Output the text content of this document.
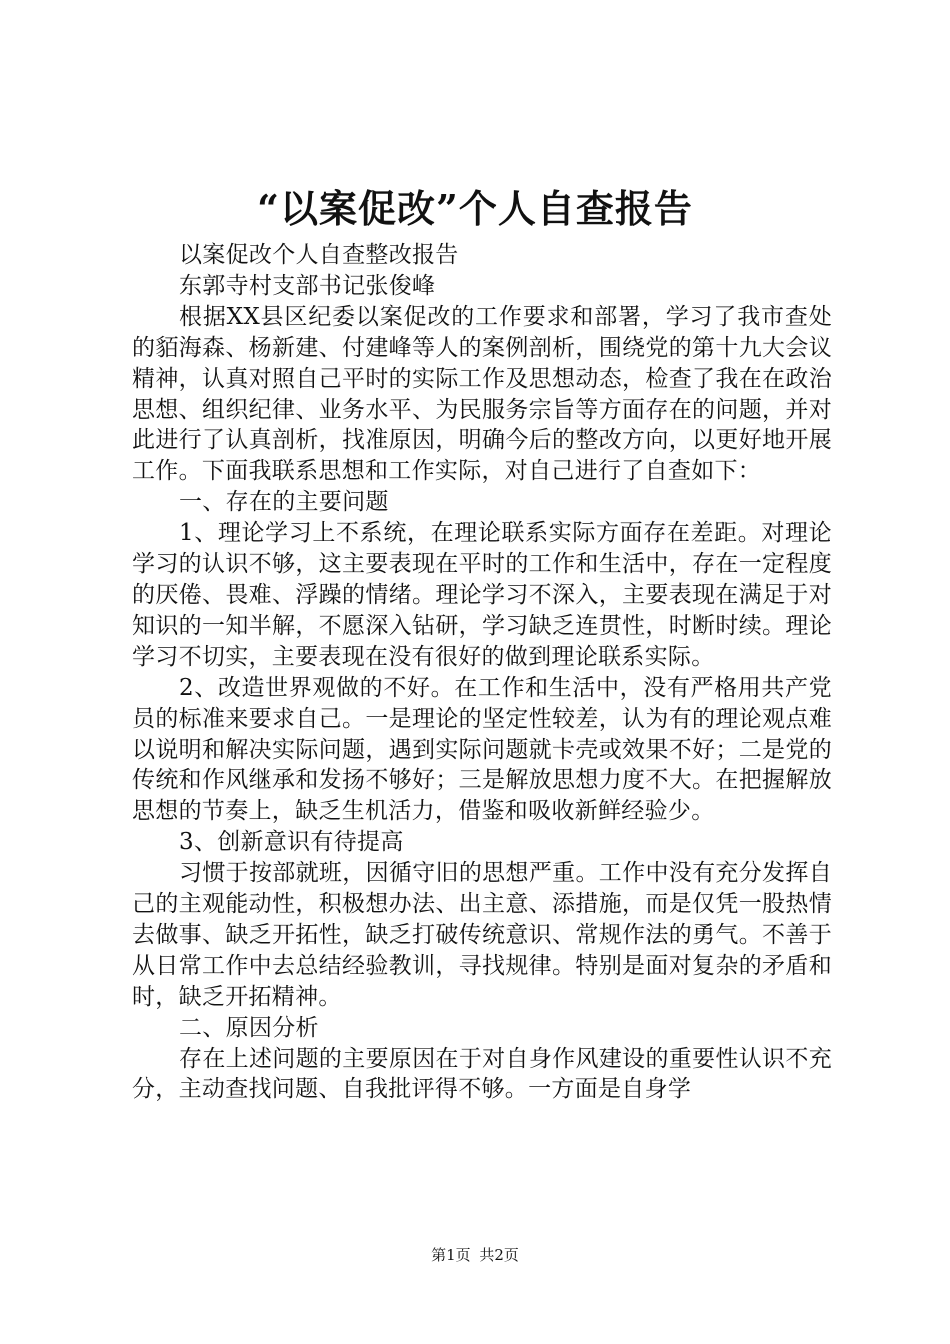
“以案促改”个人自查报告

以案促改个人自查整改报告

东郭寺村支部书记张俊峰

根据XX县区纪委以案促改的工作要求和部署，学习了我市查处的貊海森、杨新建、付建峰等人的案例剖析，围绕党的第十九大会议精神，认真对照自己平时的实际工作及思想动态，检查了我在在政治思想、组织纪律、业务水平、为民服务宗旨等方面存在的问题，并对此进行了认真剖析，找准原因，明确今后的整改方向，以更好地开展工作。下面我联系思想和工作实际，对自己进行了自查如下：

一、存在的主要问题

1、理论学习上不系统，在理论联系实际方面存在差距。对理论学习的认识不够，这主要表现在平时的工作和生活中，存在一定程度的厌倦、畏难、浮躁的情绪。理论学习不深入，主要表现在满足于对知识的一知半解，不愿深入钻研，学习缺乏连贯性，时断时续。理论学习不切实，主要表现在没有很好的做到理论联系实际。

2、改造世界观做的不好。在工作和生活中，没有严格用共产党员的标准来要求自己。一是理论的坚定性较差，认为有的理论观点难以说明和解决实际问题，遇到实际问题就卡壳或效果不好；二是党的传统和作风继承和发扬不够好；三是解放思想力度不大。在把握解放思想的节奏上，缺乏生机活力，借鉴和吸收新鲜经验少。

3、创新意识有待提高

习惯于按部就班，因循守旧的思想严重。工作中没有充分发挥自己的主观能动性，积极想办法、出主意、添措施，而是仅凭一股热情去做事、缺乏开拓性，缺乏打破传统意识、常规作法的勇气。不善于从日常工作中去总结经验教训，寻找规律。特别是面对复杂的矛盾和时，缺乏开拓精神。

二、原因分析

存在上述问题的主要原因在于对自身作风建设的重要性认识不充分，主动查找问题、自我批评得不够。一方面是自身学

第1页 共2页
